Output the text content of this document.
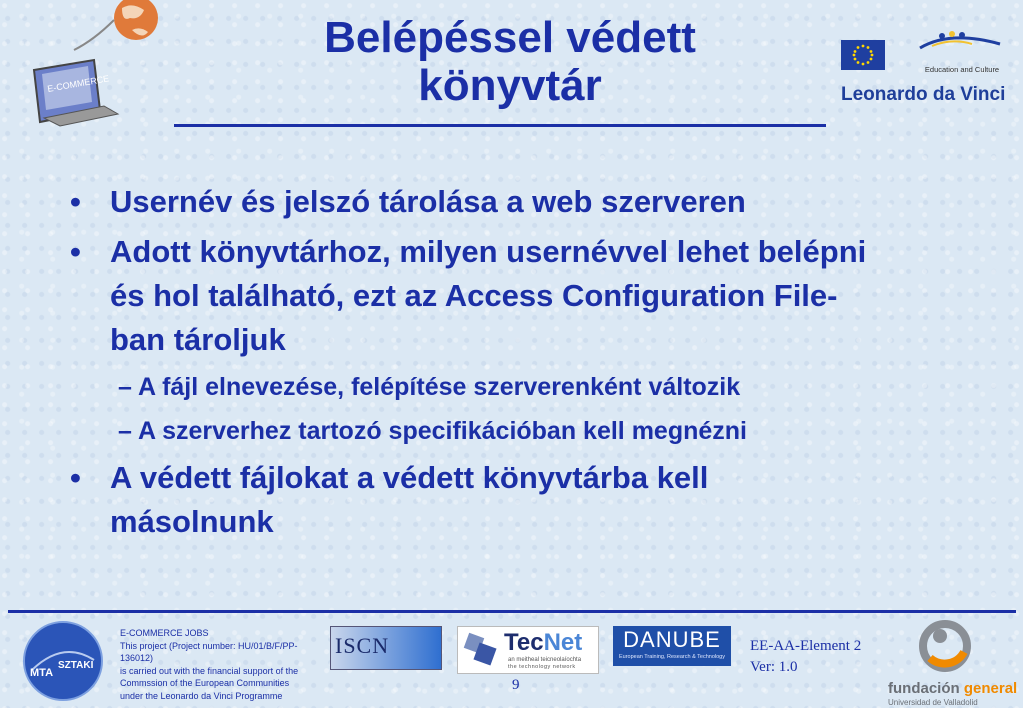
E-COMMERCE
Belépéssel védett
könyvtár	Education and Culture
Leonardo da Vinci
• Usernév és jelszó tárolása a web szerveren
• Adott könyvtárhoz, milyen usernévvel lehet belépni és hol található, ezt az Access Configuration File-ban tároljuk
– A fájl elnevezése, felépítése szerverenként változik
– A szerverhez tartozó specifikációban kell megnézni
• A védett fájlokat a védett könyvtárba kell másolnunk
MTA
SZTAKI
E-COMMERCE JOBS
This project (Project number: HU/01/B/F/PP-136012)
is carried out with the financial support of the
Commssion of the European Communities
under the Leonardo da Vinci Programme
ISCN	TecNet
an meitheal teicneolaíochta
the technology network
DANUBE
European Training, Research & Technology
EE-AA-Element 2
Ver: 1.0
9	fundación general
Universidad de Valladolid
